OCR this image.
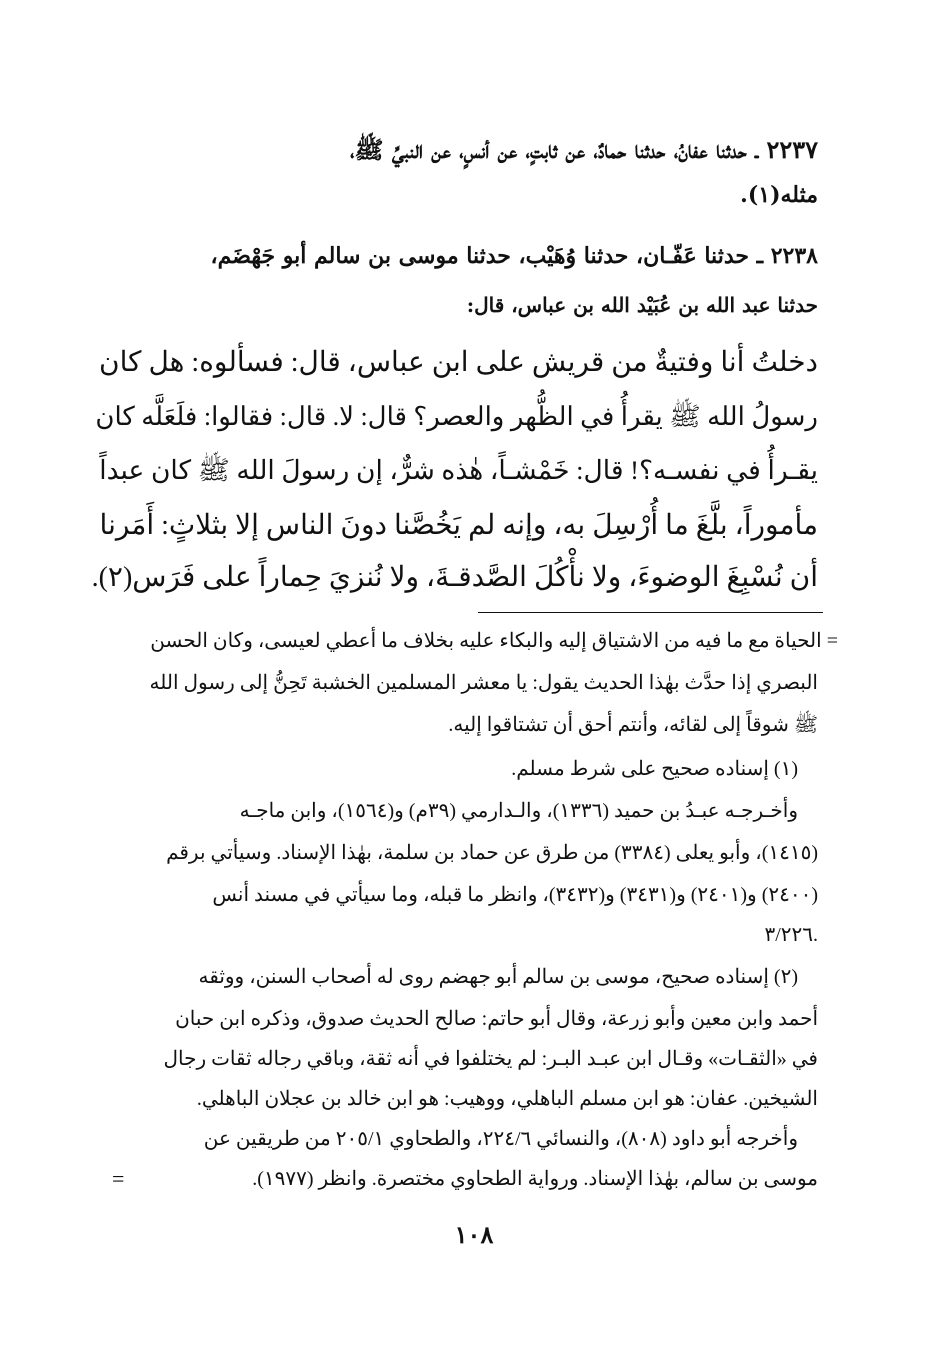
٢٢٣٧ ـ حدثنا عفانُ، حدثنا حمادٌ، عن ثابتٍ، عن أنسٍ، عن النبيِّ ﷺ،
مثله(١).
٢٢٣٨ ـ حدثنا عَفّـان، حدثنا وُهَيْب، حدثنا موسى بن سالم أبو جَهْضَم،
حدثنا عبد الله بن عُبَيْد الله بن عباس، قال:
دخلتُ أنا وفتيةٌ من قريش على ابن عباس، قال: فسألوه: هل كان
رسولُ الله ﷺ يقرأُ في الظُّهر والعصر؟ قال: لا. قال: فقالوا: فلَعَلَّه كان
يقـرأُ في نفسـه؟! قال: خَمْشـاً، هٰذه شرٌّ، إن رسولَ الله ﷺ كان عبداً
مأموراً، بلَّغَ ما أُرْسِلَ به، وإنه لم يَخُصَّنا دونَ الناس إلا بثلاثٍ: أَمَرنا
أن نُسْبِغَ الوضوءَ، ولا نأْكُلَ الصَّدقـةَ، ولا نُنزيَ حِماراً على فَرَس(٢).
= الحياة مع ما فيه من الاشتياق إليه والبكاء عليه بخلاف ما أعطي لعيسى، وكان الحسن
البصري إذا حدَّث بهٰذا الحديث يقول: يا معشر المسلمين الخشبة تَحِنُّ إلى رسول الله
ﷺ شوقاً إلى لقائه، وأنتم أحق أن تشتاقوا إليه.
(١) إسناده صحيح على شرط مسلم.
وأخـرجـه عبـدُ بن حميد (١٣٣٦)، والـدارمي (٣٩م) و(١٥٦٤)، وابن ماجـه
(١٤١٥)، وأبو يعلى (٣٣٨٤) من طرق عن حماد بن سلمة، بهٰذا الإسناد. وسيأتي برقم
(٢٤٠٠) و(٢٤٠١) و(٣٤٣١) و(٣٤٣٢)، وانظر ما قبله، وما سيأتي في مسند أنس
٣/٢٢٦.
(٢) إسناده صحيح، موسى بن سالم أبو جهضم روى له أصحاب السنن، ووثقه
أحمد وابن معين وأبو زرعة، وقال أبو حاتم: صالح الحديث صدوق، وذكره ابن حبان
في «الثقـات» وقـال ابن عبـد البـر: لم يختلفوا في أنه ثقة، وباقي رجاله ثقات رجال
الشيخين. عفان: هو ابن مسلم الباهلي، ووهيب: هو ابن خالد بن عجلان الباهلي.
وأخرجه أبو داود (٨٠٨)، والنسائي ٢٢٤/٦، والطحاوي ٢٠٥/١ من طريقين عن
موسى بن سالم، بهٰذا الإسناد. ورواية الطحاوي مختصرة. وانظر (١٩٧٧).
=
١٠٨
